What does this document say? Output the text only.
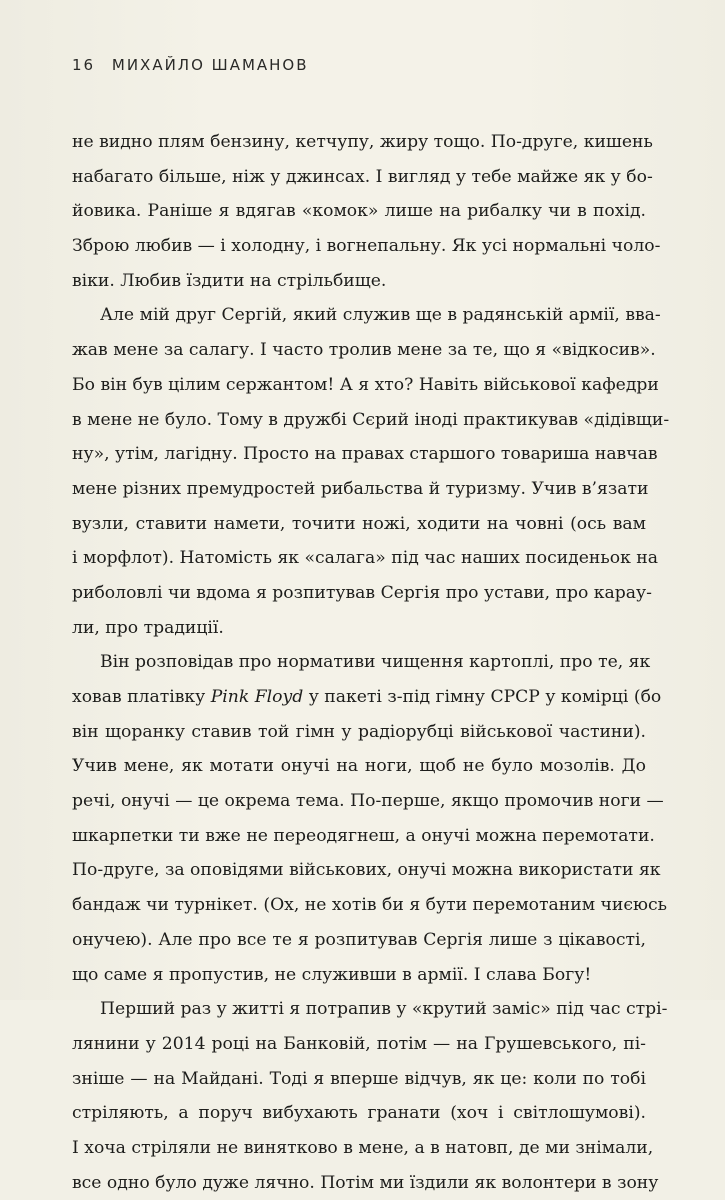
16 МИХАЙЛО ШАМАНОВ
не видно плям бензину, кетчупу, жиру тощо. По-друге, кишень
набагато більше, ніж у джинсах. І вигляд у тебе майже як у бо-
йовика. Раніше я вдягав «комок» лише на рибалку чи в похід.
Зброю любив — і холодну, і вогнепальну. Як усі нормальні чоло-
віки. Любив їздити на стрільбище.
Але мій друг Сергій, який служив ще в радянській армії, вва-
жав мене за салагу. І часто тролив мене за те, що я «відкосив».
Бо він був цілим сержантом! А я хто? Навіть військової кафедри
в мене не було. Тому в дружбі Сєрий іноді практикував «дідівщи-
ну», утім, лагідну. Просто на правах старшого товариша навчав
мене різних премудростей рибальства й туризму. Учив в’язати
вузли, ставити намети, точити ножі, ходити на човні (ось вам
і морфлот). Натомість як «салага» під час наших посиденьок на
риболовлі чи вдома я розпитував Сергія про устави, про карау-
ли, про традиції.
Він розповідав про нормативи чищення картоплі, про те, як
ховав платівку Pink Floyd у пакеті з-під гімну СРСР у комірці (бо
він щоранку ставив той гімн у радіорубці військової частини).
Учив мене, як мотати онучі на ноги, щоб не було мозолів. До
речі, онучі — це окрема тема. По-перше, якщо промочив ноги —
шкарпетки ти вже не переодягнеш, а онучі можна перемотати.
По-друге, за оповідями військових, онучі можна використати як
бандаж чи турнікет. (Ох, не хотів би я бути перемотаним чиєюсь
онучею). Але про все те я розпитував Сергія лише з цікавості,
що саме я пропустив, не служивши в армії. І слава Богу!
Перший раз у житті я потрапив у «крутий заміс» під час стрі-
лянини у 2014 році на Банковій, потім — на Грушевського, пі-
зніше — на Майдані. Тоді я вперше відчув, як це: коли по тобі
стріляють, а поруч вибухають гранати (хоч і світлошумові).
І хоча стріляли не винятково в мене, а в натовп, де ми знімали,
все одно було дуже лячно. Потім ми їздили як волонтери в зону
